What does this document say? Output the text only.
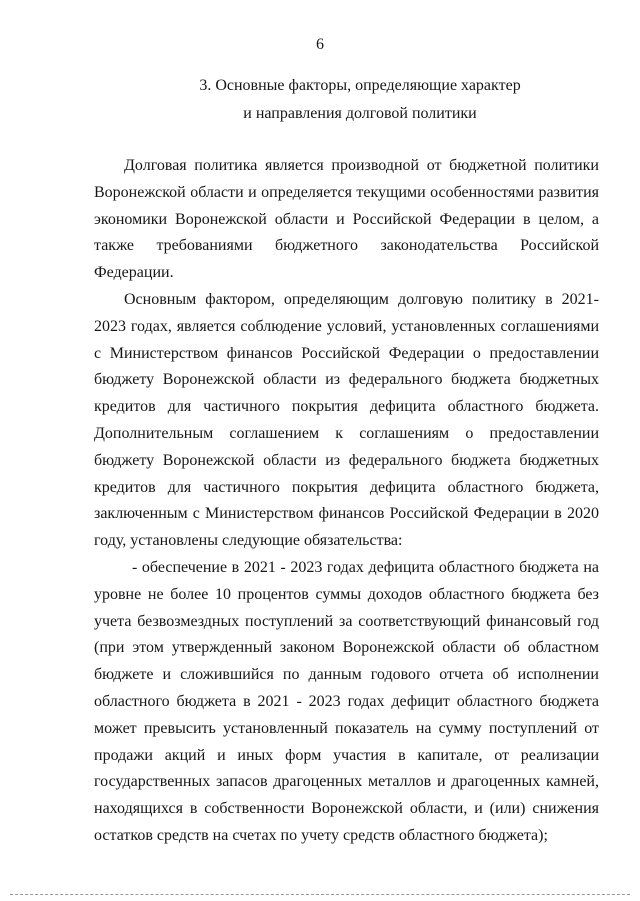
6
3. Основные факторы, определяющие характер
и направления долговой политики

Долговая политика является производной от бюджетной политики Воронежской области и определяется текущими особенностями развития экономики Воронежской области и Российской Федерации в целом, а также требованиями бюджетного законодательства Российской Федерации.

Основным фактором, определяющим долговую политику в 2021-2023 годах, является соблюдение условий, установленных соглашениями с Министерством финансов Российской Федерации о предоставлении бюджету Воронежской области из федерального бюджета бюджетных кредитов для частичного покрытия дефицита областного бюджета. Дополнительным соглашением к соглашениям о предоставлении бюджету Воронежской области из федерального бюджета бюджетных кредитов для частичного покрытия дефицита областного бюджета, заключенным с Министерством финансов Российской Федерации в 2020 году, установлены следующие обязательства:

- обеспечение в 2021 - 2023 годах дефицита областного бюджета на уровне не более 10 процентов суммы доходов областного бюджета без учета безвозмездных поступлений за соответствующий финансовый год (при этом утвержденный законом Воронежской области об областном бюджете и сложившийся по данным годового отчета об исполнении областного бюджета в 2021 - 2023 годах дефицит областного бюджета может превысить установленный показатель на сумму поступлений от продажи акций и иных форм участия в капитале, от реализации государственных запасов драгоценных металлов и драгоценных камней, находящихся в собственности Воронежской области, и (или) снижения остатков средств на счетах по учету средств областного бюджета);
